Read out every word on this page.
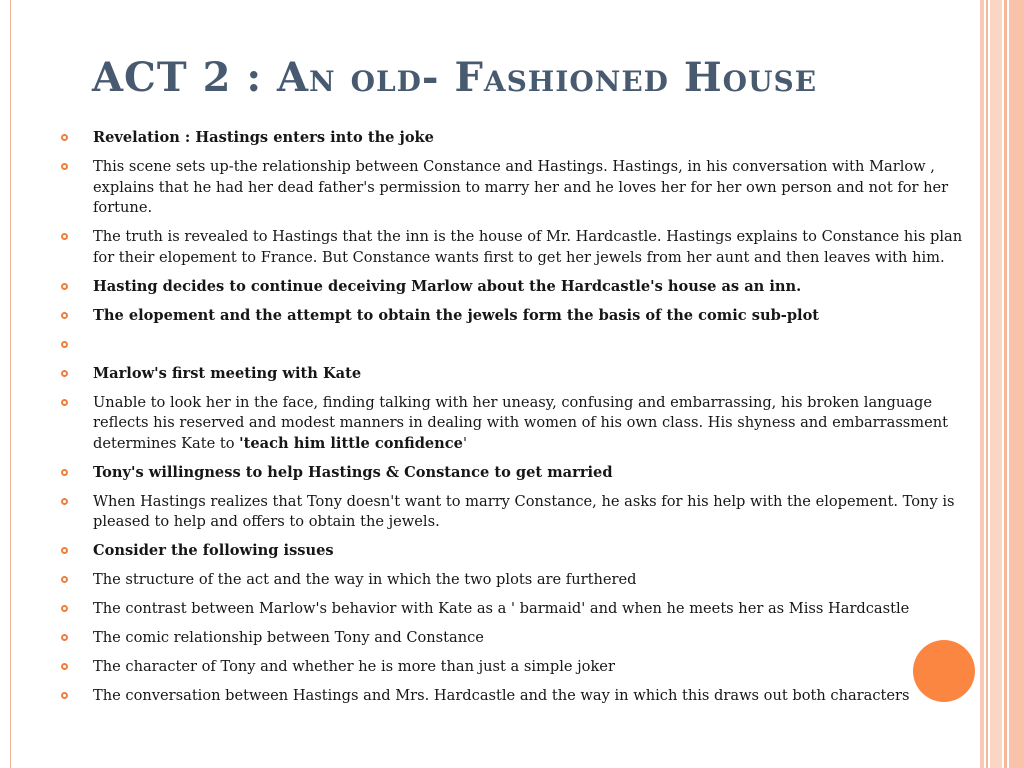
ACT 2 : An old- Fashioned House
Revelation : Hastings enters into the joke
This scene sets up-the relationship between Constance and Hastings. Hastings, in his conversation with Marlow , explains that he had her dead father's permission to marry her and he loves her for her own person and not for her fortune.
The truth is revealed to Hastings that the inn is the house of Mr. Hardcastle. Hastings explains to Constance his plan for their elopement to France. But Constance wants first to get her jewels from her aunt and then leaves with him.
Hasting decides to continue deceiving Marlow about the Hardcastle's house as an inn.
The elopement and the attempt to obtain the jewels form the basis of the comic sub-plot
Marlow's first meeting with Kate
Unable to look her in the face, finding talking with her uneasy, confusing and embarrassing, his broken language reflects his reserved and modest manners in dealing with women of his own class. His shyness and embarrassment determines Kate to 'teach him little confidence'
Tony's willingness to help Hastings & Constance to get married
When Hastings realizes that Tony doesn't want to marry Constance, he asks for his help with the elopement. Tony is pleased to help and offers to obtain the jewels.
Consider the following issues
The structure of the act and the way in which the two plots are furthered
The contrast between Marlow's behavior with Kate as a ' barmaid' and when he meets her as Miss Hardcastle
The comic relationship between Tony and Constance
The character of Tony and whether he is more than just a simple joker
The conversation between Hastings and Mrs. Hardcastle and the way in which this draws out both characters
